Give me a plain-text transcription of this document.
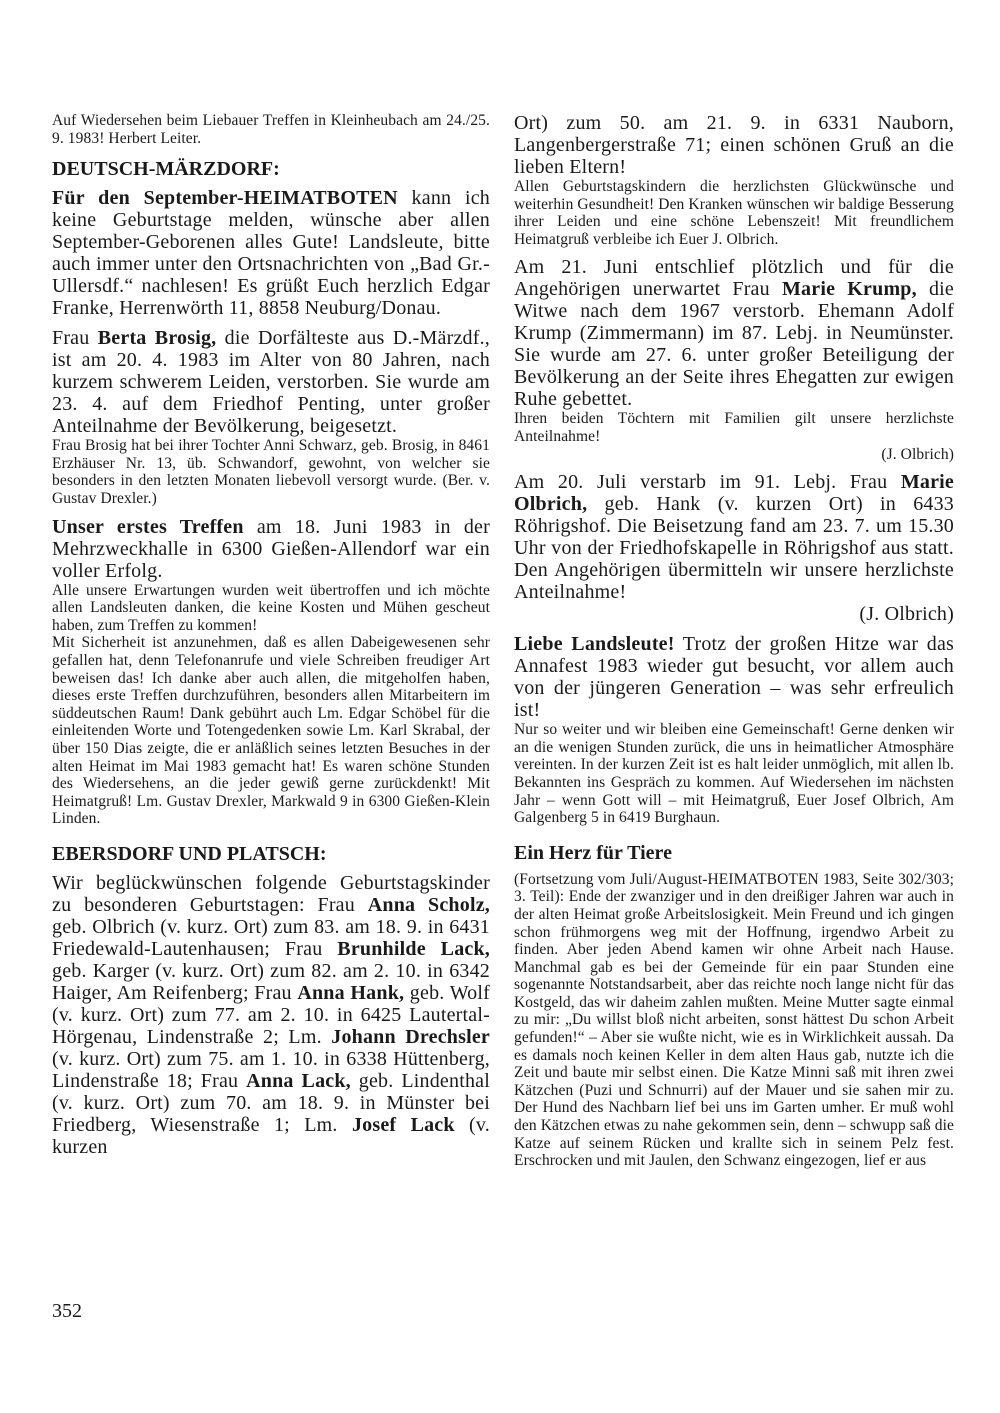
Auf Wiedersehen beim Liebauer Treffen in Kleinheubach am 24./25. 9. 1983! Herbert Leiter.

DEUTSCH-MÄRZDORF:

Für den September-HEIMATBOTEN kann ich keine Geburtstage melden, wünsche aber allen September-Geborenen alles Gute! Landsleute, bitte auch immer unter den Ortsnachrichten von „Bad Gr.-Ullersdf.“ nachlesen! Es grüßt Euch herzlich Edgar Franke, Herrenwörth 11, 8858 Neuburg/Donau.

Frau Berta Brosig, die Dorfälteste aus D.-Märzdf., ist am 20. 4. 1983 im Alter von 80 Jahren, nach kurzem schwerem Leiden, verstorben. Sie wurde am 23. 4. auf dem Friedhof Penting, unter großer Anteilnahme der Bevölkerung, beigesetzt.

Frau Brosig hat bei ihrer Tochter Anni Schwarz, geb. Brosig, in 8461 Erzhäuser Nr. 13, üb. Schwandorf, gewohnt, von welcher sie besonders in den letzten Monaten liebevoll versorgt wurde. (Ber. v. Gustav Drexler.)

Unser erstes Treffen am 18. Juni 1983 in der Mehrzweckhalle in 6300 Gießen-Allendorf war ein voller Erfolg.

Alle unsere Erwartungen wurden weit übertroffen und ich möchte allen Landsleuten danken, die keine Kosten und Mühen gescheut haben, zum Treffen zu kommen!

Mit Sicherheit ist anzunehmen, daß es allen Dabeigewesenen sehr gefallen hat, denn Telefonanrufe und viele Schreiben freudiger Art beweisen das! Ich danke aber auch allen, die mitgeholfen haben, dieses erste Treffen durchzuführen, besonders allen Mitarbeitern im süddeutschen Raum! Dank gebührt auch Lm. Edgar Schöbel für die einleitenden Worte und Totengedenken sowie Lm. Karl Skrabal, der über 150 Dias zeigte, die er anläßlich seines letzten Besuches in der alten Heimat im Mai 1983 gemacht hat! Es waren schöne Stunden des Wiedersehens, an die jeder gewiß gerne zurückdenkt! Mit Heimatgruß! Lm. Gustav Drexler, Markwald 9 in 6300 Gießen-Klein Linden.

EBERSDORF UND PLATSCH:

Wir beglückwünschen folgende Geburtstagskinder zu besonderen Geburtstagen: Frau Anna Scholz, geb. Olbrich (v. kurz. Ort) zum 83. am 18. 9. in 6431 Friedewald-Lautenhausen; Frau Brunhilde Lack, geb. Karger (v. kurz. Ort) zum 82. am 2. 10. in 6342 Haiger, Am Reifenberg; Frau Anna Hank, geb. Wolf (v. kurz. Ort) zum 77. am 2. 10. in 6425 Lautertal-Hörgenau, Lindenstraße 2; Lm. Johann Drechsler (v. kurz. Ort) zum 75. am 1. 10. in 6338 Hüttenberg, Lindenstraße 18; Frau Anna Lack, geb. Lindenthal (v. kurz. Ort) zum 70. am 18. 9. in Münster bei Friedberg, Wiesenstraße 1; Lm. Josef Lack (v. kurzen

Ort) zum 50. am 21. 9. in 6331 Nauborn, Langenbergerstraße 71; einen schönen Gruß an die lieben Eltern!

Allen Geburtstagskindern die herzlichsten Glückwünsche und weiterhin Gesundheit! Den Kranken wünschen wir baldige Besserung ihrer Leiden und eine schöne Lebenszeit! Mit freundlichem Heimatgruß verbleibe ich Euer J. Olbrich.

Am 21. Juni entschlief plötzlich und für die Angehörigen unerwartet Frau Marie Krump, die Witwe nach dem 1967 verstorb. Ehemann Adolf Krump (Zimmermann) im 87. Lebj. in Neumünster. Sie wurde am 27. 6. unter großer Beteiligung der Bevölkerung an der Seite ihres Ehegatten zur ewigen Ruhe gebettet.

Ihren beiden Töchtern mit Familien gilt unsere herzlichste Anteilnahme!

(J. Olbrich)

Am 20. Juli verstarb im 91. Lebj. Frau Marie Olbrich, geb. Hank (v. kurzen Ort) in 6433 Röhrigshof. Die Beisetzung fand am 23. 7. um 15.30 Uhr von der Friedhofskapelle in Röhrigshof aus statt. Den Angehörigen übermitteln wir unsere herzlichste Anteilnahme!

(J. Olbrich)

Liebe Landsleute! Trotz der großen Hitze war das Annafest 1983 wieder gut besucht, vor allem auch von der jüngeren Generation – was sehr erfreulich ist!

Nur so weiter und wir bleiben eine Gemeinschaft! Gerne denken wir an die wenigen Stunden zurück, die uns in heimatlicher Atmosphäre vereinten. In der kurzen Zeit ist es halt leider unmöglich, mit allen lb. Bekannten ins Gespräch zu kommen. Auf Wiedersehen im nächsten Jahr – wenn Gott will – mit Heimatgruß, Euer Josef Olbrich, Am Galgenberg 5 in 6419 Burghaun.

Ein Herz für Tiere

(Fortsetzung vom Juli/August-HEIMATBOTEN 1983, Seite 302/303; 3. Teil): Ende der zwanziger und in den dreißiger Jahren war auch in der alten Heimat große Arbeitslosigkeit. Mein Freund und ich gingen schon frühmorgens weg mit der Hoffnung, irgendwo Arbeit zu finden. Aber jeden Abend kamen wir ohne Arbeit nach Hause. Manchmal gab es bei der Gemeinde für ein paar Stunden eine sogenannte Notstandsarbeit, aber das reichte noch lange nicht für das Kostgeld, das wir daheim zahlen mußten. Meine Mutter sagte einmal zu mir: „Du willst bloß nicht arbeiten, sonst hättest Du schon Arbeit gefunden!“ – Aber sie wußte nicht, wie es in Wirklichkeit aussah. Da es damals noch keinen Keller in dem alten Haus gab, nutzte ich die Zeit und baute mir selbst einen. Die Katze Minni saß mit ihren zwei Kätzchen (Puzi und Schnurri) auf der Mauer und sie sahen mir zu. Der Hund des Nachbarn lief bei uns im Garten umher. Er muß wohl den Kätzchen etwas zu nahe gekommen sein, denn – schwupp saß die Katze auf seinem Rücken und krallte sich in seinem Pelz fest. Erschrocken und mit Jaulen, den Schwanz eingezogen, lief er aus

352
